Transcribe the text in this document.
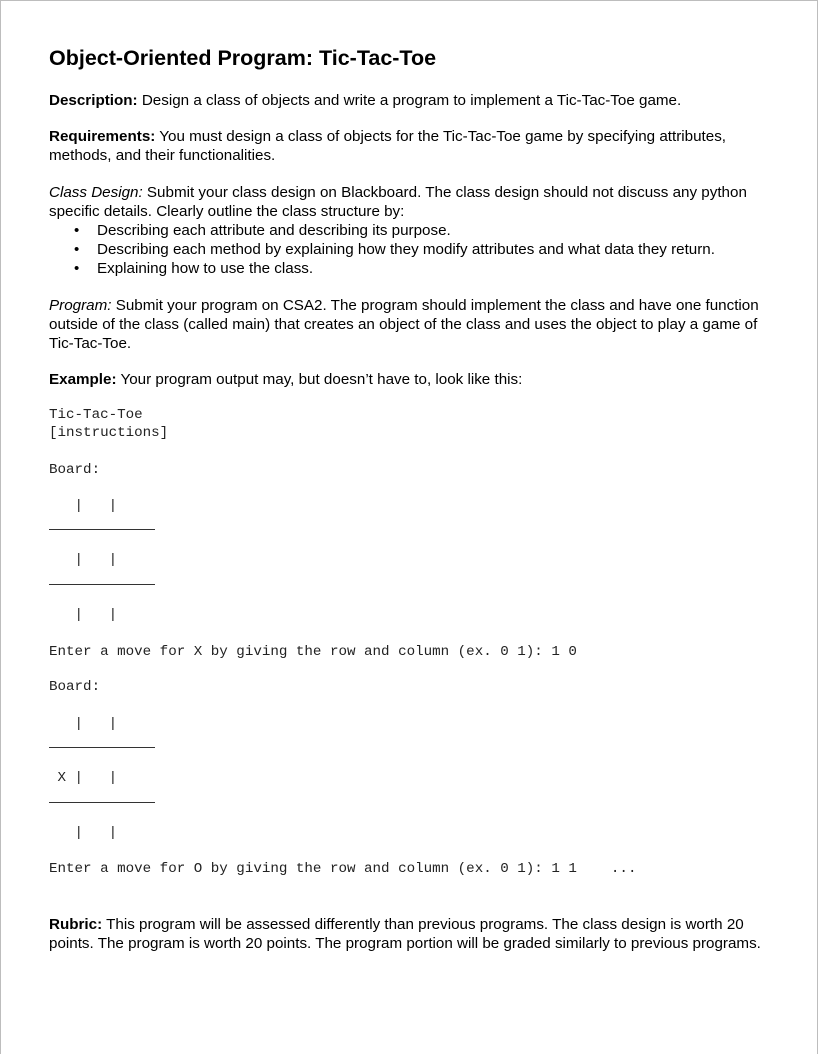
Object-Oriented Program: Tic-Tac-Toe
Description: Design a class of objects and write a program to implement a Tic-Tac-Toe game.
Requirements: You must design a class of objects for the Tic-Tac-Toe game by specifying attributes, methods, and their functionalities.
Class Design: Submit your class design on Blackboard. The class design should not discuss any python specific details. Clearly outline the class structure by:
• Describing each attribute and describing its purpose.
• Describing each method by explaining how they modify attributes and what data they return.
• Explaining how to use the class.
Program: Submit your program on CSA2. The program should implement the class and have one function outside of the class (called main) that creates an object of the class and uses the object to play a game of Tic-Tac-Toe.
Example: Your program output may, but doesn’t have to, look like this:
Tic-Tac-Toe
[instructions]
Board:
|   |
|   |
|   |
Enter a move for X by giving the row and column (ex. 0 1): 1 0
Board:
|   |
X |   |
|   |
Enter a move for O by giving the row and column (ex. 0 1): 1 1    ...
Rubric: This program will be assessed differently than previous programs. The class design is worth 20 points. The program is worth 20 points. The program portion will be graded similarly to previous programs.
